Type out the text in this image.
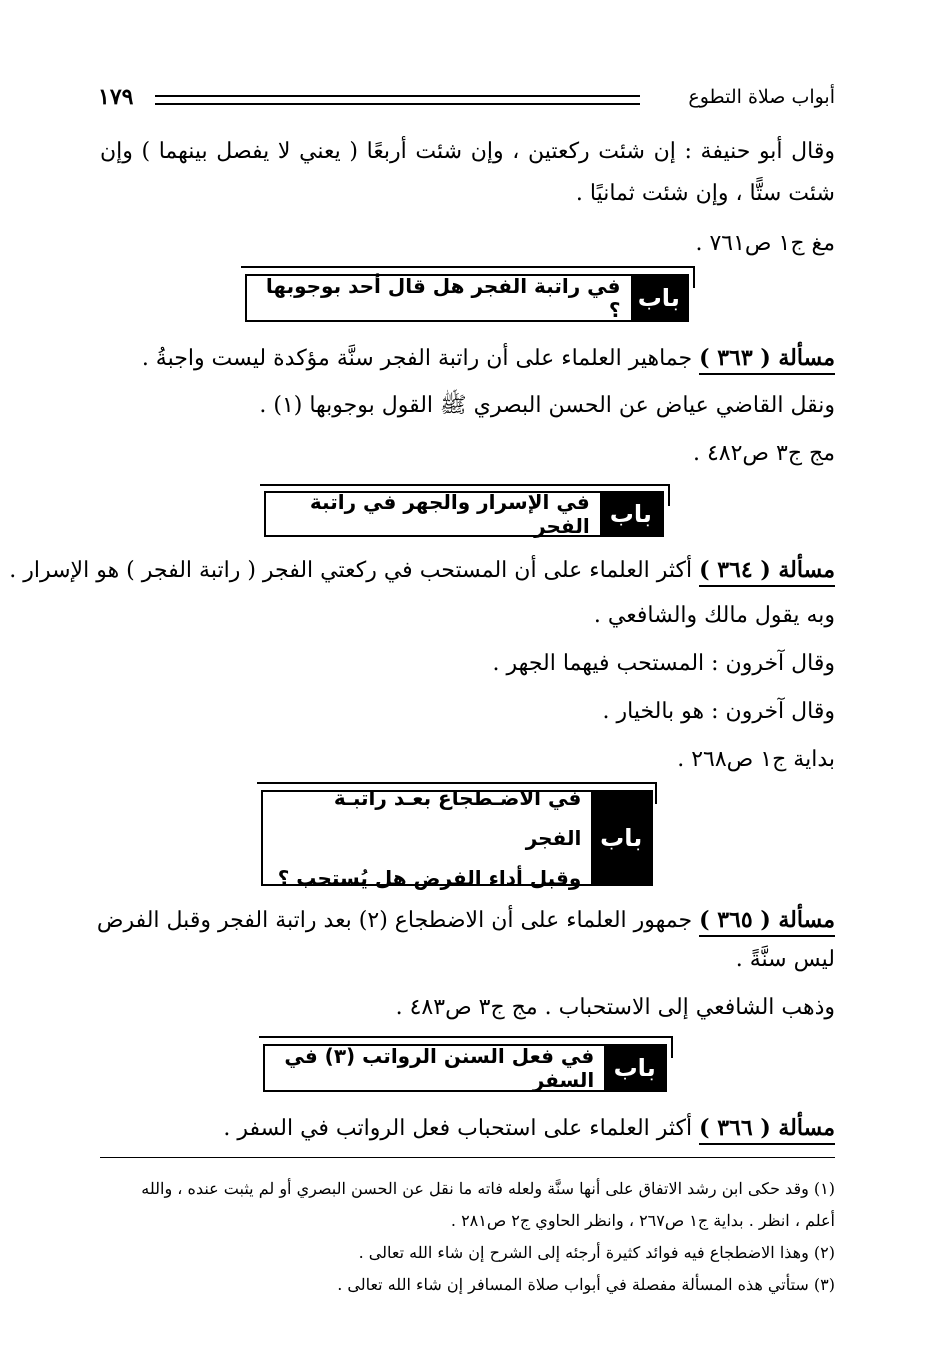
أبواب صلاة التطوع
١٧٩
وقال أبو حنيفة : إن شئت ركعتين ، وإن شئت أربعًا ( يعني لا يفصل بينهما ) وإن
شئت ستًّا ، وإن شئت ثمانيًا .
مغ ج١ ص٧٦١ .
باب
في راتبة الفجر هل قال أحد بوجوبها ؟
مسألة ( ٣٦٣ ) جماهير العلماء على أن راتبة الفجر سنَّة مؤكدة ليست واجبةُ .
ونقل القاضي عياض عن الحسن البصري ﷺ القول بوجوبها (١) .
مج ج٣ ص٤٨٢ .
باب
في الإسرار والجهر في راتبة الفجر
مسألة ( ٣٦٤ ) أكثر العلماء على أن المستحب في ركعتي الفجر ( راتبة الفجر ) هو الإسرار .
وبه يقول مالك والشافعي .
وقال آخرون : المستحب فيهما الجهر .
وقال آخرون : هو بالخيار .
بداية ج١ ص٢٦٨ .
باب
في الاضـطجاع بعـد راتبـة الفجر
وقبل أداء الفرض هل يُستحب ؟
مسألة ( ٣٦٥ ) جمهور العلماء على أن الاضطجاع (٢) بعد راتبة الفجر وقبل الفرض
ليس سنَّةً .
وذهب الشافعي إلى الاستحباب . مج ج٣ ص٤٨٣ .
باب
في فعل السنن الرواتب (٣) في السفر
مسألة ( ٣٦٦ ) أكثر العلماء على استحباب فعل الرواتب في السفر .
(١) وقد حكى ابن رشد الاتفاق على أنها سنَّة ولعله فاته ما نقل عن الحسن البصري أو لم يثبت عنده ، والله
أعلم ، انظر . بداية ج١ ص٢٦٧ ، وانظر الحاوي ج٢ ص٢٨١ .
(٢) وهذا الاضطجاع فيه فوائد كثيرة أرجئه إلى الشرح إن شاء الله تعالى .
(٣) ستأتي هذه المسألة مفصلة في أبواب صلاة المسافر إن شاء الله تعالى .
